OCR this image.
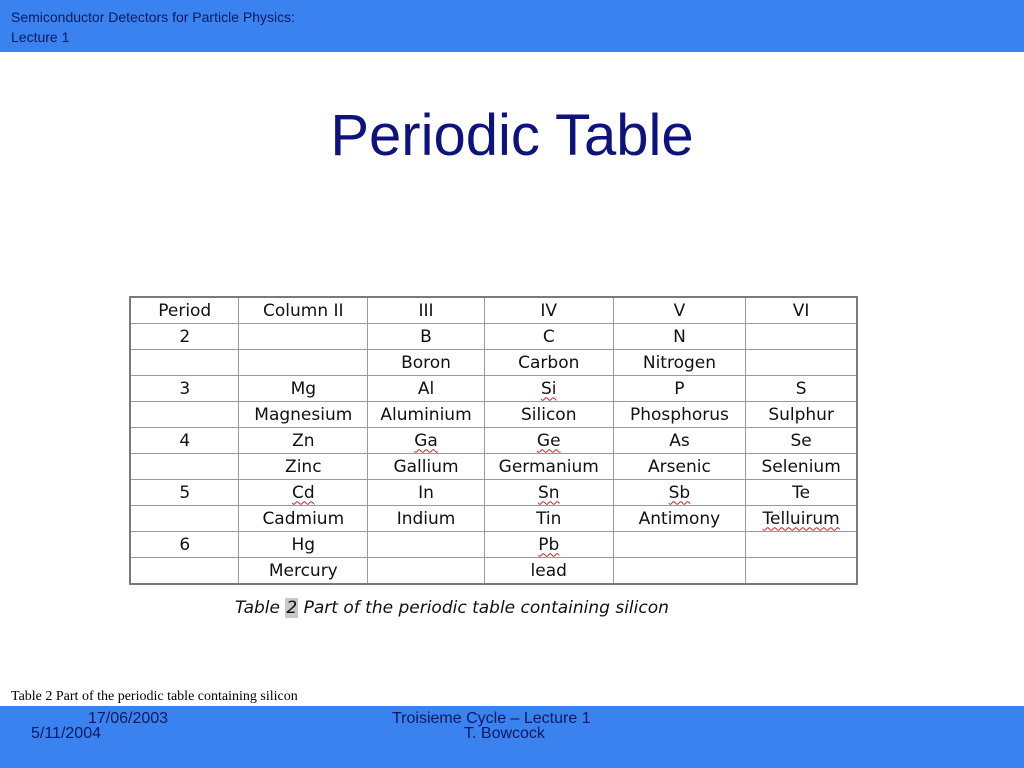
Semiconductor Detectors for Particle Physics: Lecture 1
Periodic Table
Period	Column II	III	IV	V	VI
2		B	C	N	
		Boron	Carbon	Nitrogen	
3	Mg	Al	Si	P	S
	Magnesium	Aluminium	Silicon	Phosphorus	Sulphur
4	Zn	Ga	Ge	As	Se
	Zinc	Gallium	Germanium	Arsenic	Selenium
5	Cd	In	Sn	Sb	Te
	Cadmium	Indium	Tin	Antimony	Telluirum
6	Hg		Pb		
	Mercury		lead		
Table 2 Part of the periodic table containing silicon
Table 2 Part of the periodic table containing silicon
17/06/2003
5/11/2004
Troisieme Cycle – Lecture 1
T. Bowcock
